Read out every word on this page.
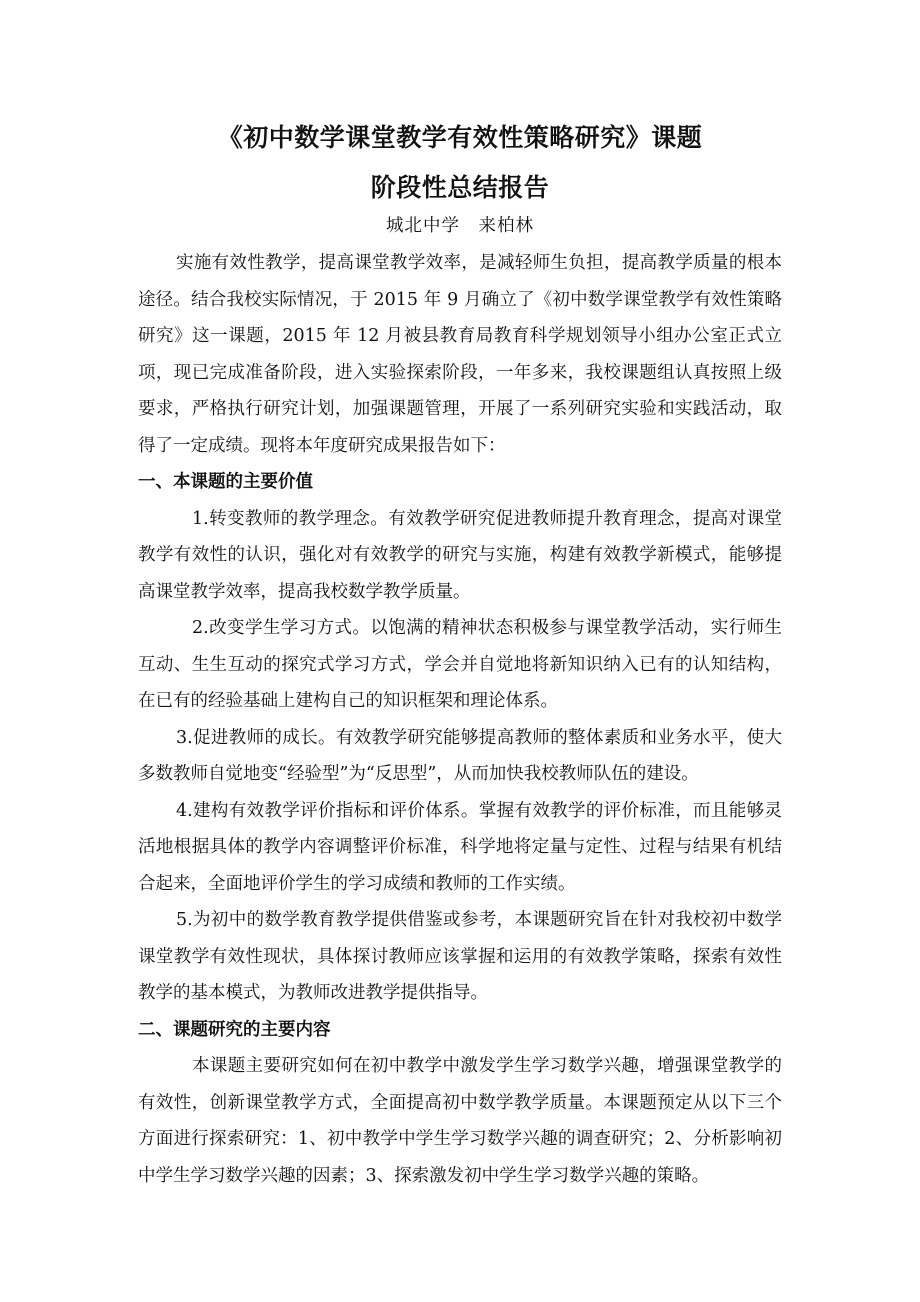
《初中数学课堂教学有效性策略研究》课题
阶段性总结报告
城北中学　来柏林

实施有效性教学，提高课堂教学效率，是减轻师生负担，提高教学质量的根本途径。结合我校实际情况，于 2015 年 9 月确立了《初中数学课堂教学有效性策略研究》这一课题，2015 年 12 月被县教育局教育科学规划领导小组办公室正式立项，现已完成准备阶段，进入实验探索阶段，一年多来，我校课题组认真按照上级要求，严格执行研究计划，加强课题管理，开展了一系列研究实验和实践活动，取得了一定成绩。现将本年度研究成果报告如下：

一、本课题的主要价值

1.转变教师的教学理念。有效教学研究促进教师提升教育理念，提高对课堂教学有效性的认识，强化对有效教学的研究与实施，构建有效教学新模式，能够提高课堂教学效率，提高我校数学教学质量。

2.改变学生学习方式。以饱满的精神状态积极参与课堂教学活动，实行师生互动、生生互动的探究式学习方式，学会并自觉地将新知识纳入已有的认知结构，在已有的经验基础上建构自己的知识框架和理论体系。

3.促进教师的成长。有效教学研究能够提高教师的整体素质和业务水平，使大多数教师自觉地变“经验型”为“反思型”，从而加快我校教师队伍的建设。

4.建构有效教学评价指标和评价体系。掌握有效教学的评价标准，而且能够灵活地根据具体的教学内容调整评价标准，科学地将定量与定性、过程与结果有机结合起来，全面地评价学生的学习成绩和教师的工作实绩。

5.为初中的数学教育教学提供借鉴或参考，本课题研究旨在针对我校初中数学课堂教学有效性现状，具体探讨教师应该掌握和运用的有效教学策略，探索有效性教学的基本模式，为教师改进教学提供指导。

二、课题研究的主要内容

本课题主要研究如何在初中教学中激发学生学习数学兴趣，增强课堂教学的有效性，创新课堂教学方式，全面提高初中数学教学质量。本课题预定从以下三个方面进行探索研究：1、初中教学中学生学习数学兴趣的调查研究；2、分析影响初中学生学习数学兴趣的因素；3、探索激发初中学生学习数学兴趣的策略。
